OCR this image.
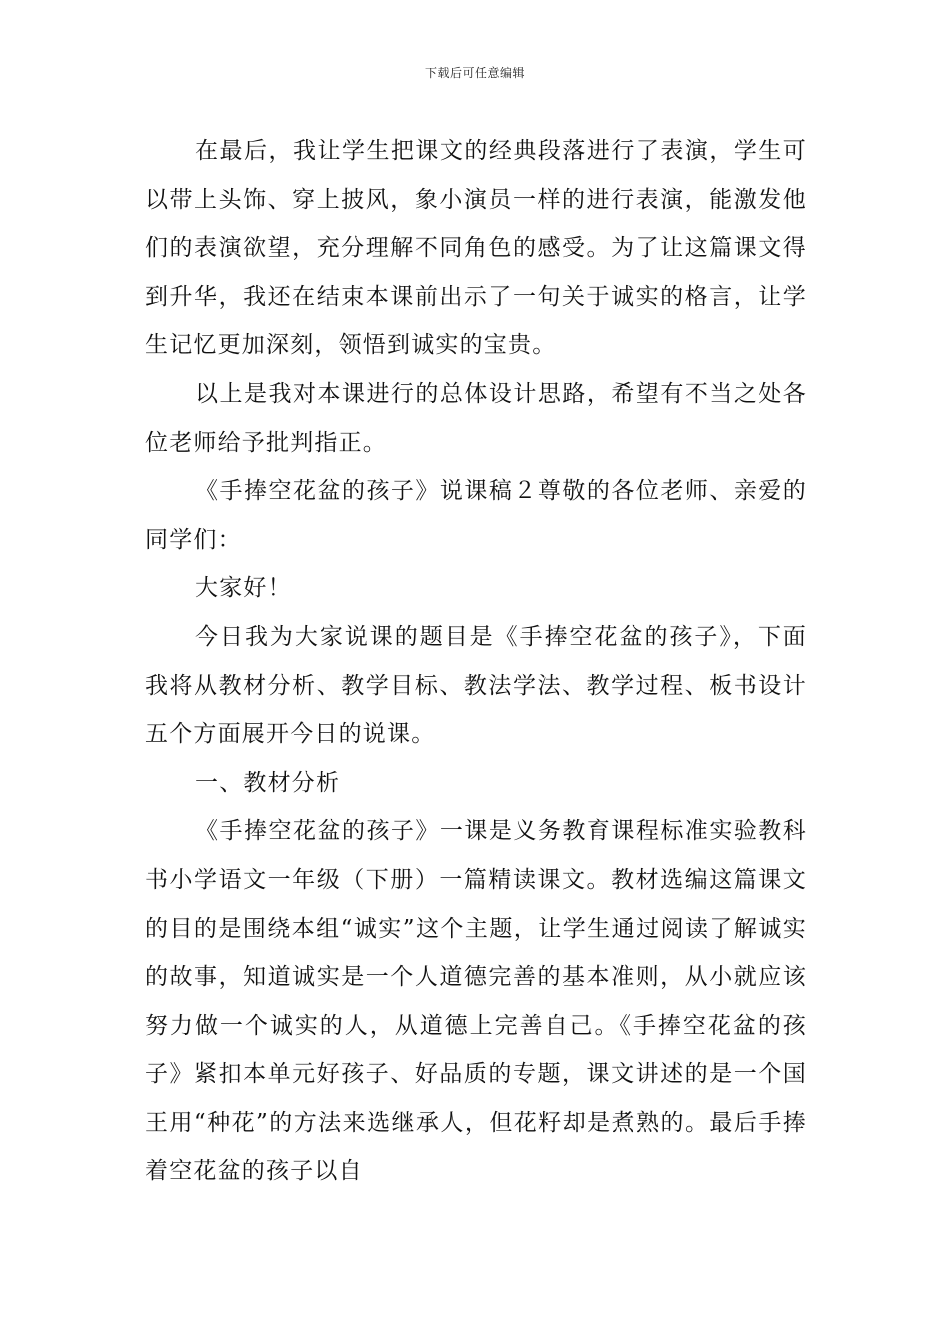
下载后可任意编辑

在最后，我让学生把课文的经典段落进行了表演，学生可以带上头饰、穿上披风，象小演员一样的进行表演，能激发他们的表演欲望，充分理解不同角色的感受。为了让这篇课文得到升华，我还在结束本课前出示了一句关于诚实的格言，让学生记忆更加深刻，领悟到诚实的宝贵。

以上是我对本课进行的总体设计思路，希望有不当之处各位老师给予批判指正。

《手捧空花盆的孩子》说课稿２尊敬的各位老师、亲爱的同学们：

大家好！

今日我为大家说课的题目是《手捧空花盆的孩子》，下面我将从教材分析、教学目标、教法学法、教学过程、板书设计五个方面展开今日的说课。

一、教材分析

《手捧空花盆的孩子》一课是义务教育课程标准实验教科书小学语文一年级（下册）一篇精读课文。教材选编这篇课文的目的是围绕本组“诚实”这个主题，让学生通过阅读了解诚实的故事，知道诚实是一个人道德完善的基本准则，从小就应该努力做一个诚实的人，从道德上完善自己。《手捧空花盆的孩子》紧扣本单元好孩子、好品质的专题，课文讲述的是一个国王用“种花”的方法来选继承人，但花籽却是煮熟的。最后手捧着空花盆的孩子以自
